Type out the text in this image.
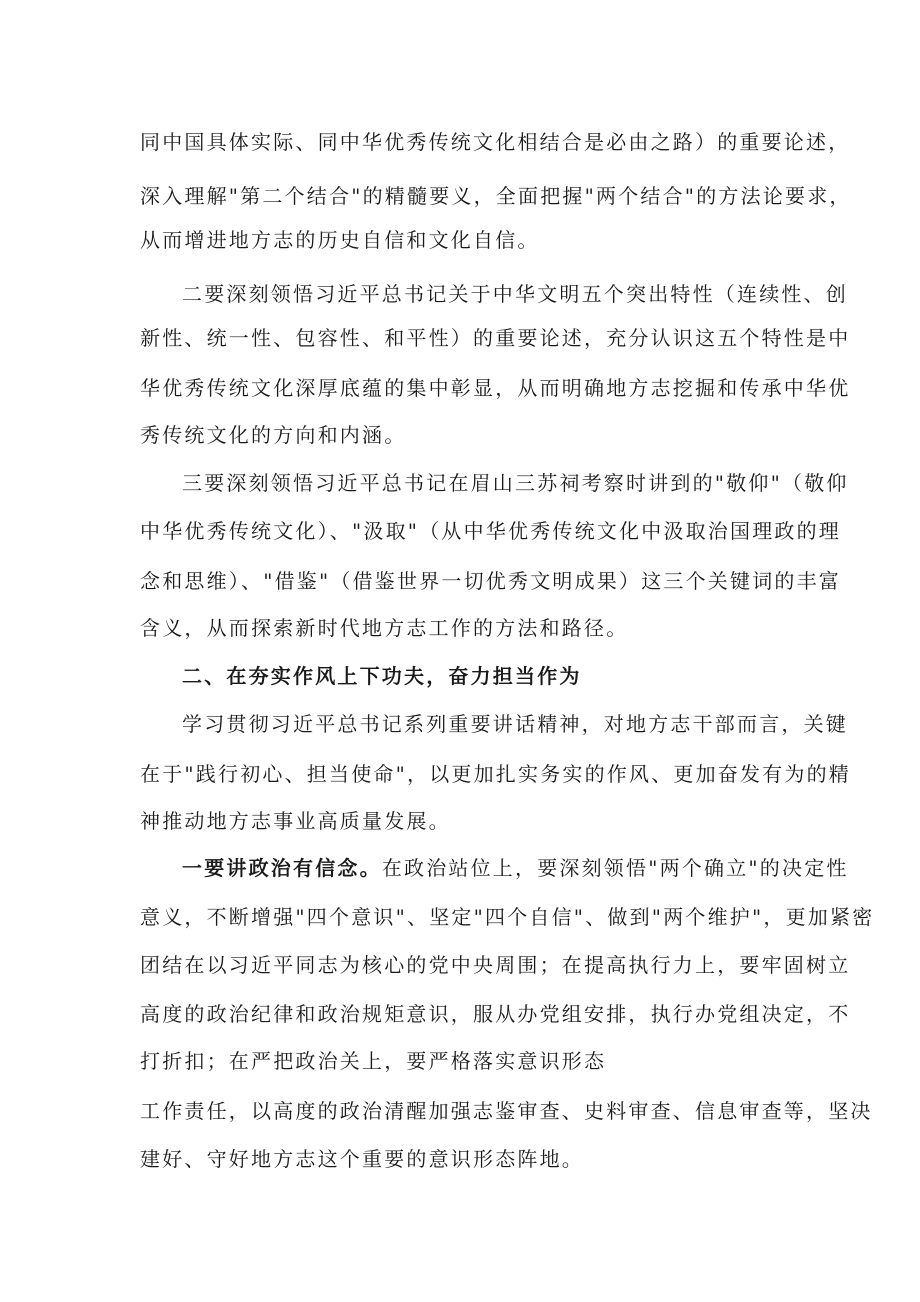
同中国具体实际、同中华优秀传统文化相结合是必由之路）的重要论述，
深入理解"第二个结合"的精髓要义，全面把握"两个结合"的方法论要求，
从而增进地方志的历史自信和文化自信。
二要深刻领悟习近平总书记关于中华文明五个突出特性（连续性、创
新性、统一性、包容性、和平性）的重要论述，充分认识这五个特性是中
华优秀传统文化深厚底蕴的集中彰显，从而明确地方志挖掘和传承中华优
秀传统文化的方向和内涵。
三要深刻领悟习近平总书记在眉山三苏祠考察时讲到的"敬仰"（敬仰
中华优秀传统文化）、"汲取"（从中华优秀传统文化中汲取治国理政的理
念和思维）、"借鉴"（借鉴世界一切优秀文明成果）这三个关键词的丰富
含义，从而探索新时代地方志工作的方法和路径。
二、在夯实作风上下功夫，奋力担当作为
学习贯彻习近平总书记系列重要讲话精神，对地方志干部而言，关键
在于"践行初心、担当使命"，以更加扎实务实的作风、更加奋发有为的精
神推动地方志事业高质量发展。
一要讲政治有信念。在政治站位上，要深刻领悟"两个确立"的决定性
意义，不断增强"四个意识"、坚定"四个自信"、做到"两个维护"，更加紧密
团结在以习近平同志为核心的党中央周围；在提高执行力上，要牢固树立
高度的政治纪律和政治规矩意识，服从办党组安排，执行办党组决定，不
打折扣；在严把政治关上，要严格落实意识形态
工作责任，以高度的政治清醒加强志鉴审查、史料审查、信息审查等，坚决
建好、守好地方志这个重要的意识形态阵地。
